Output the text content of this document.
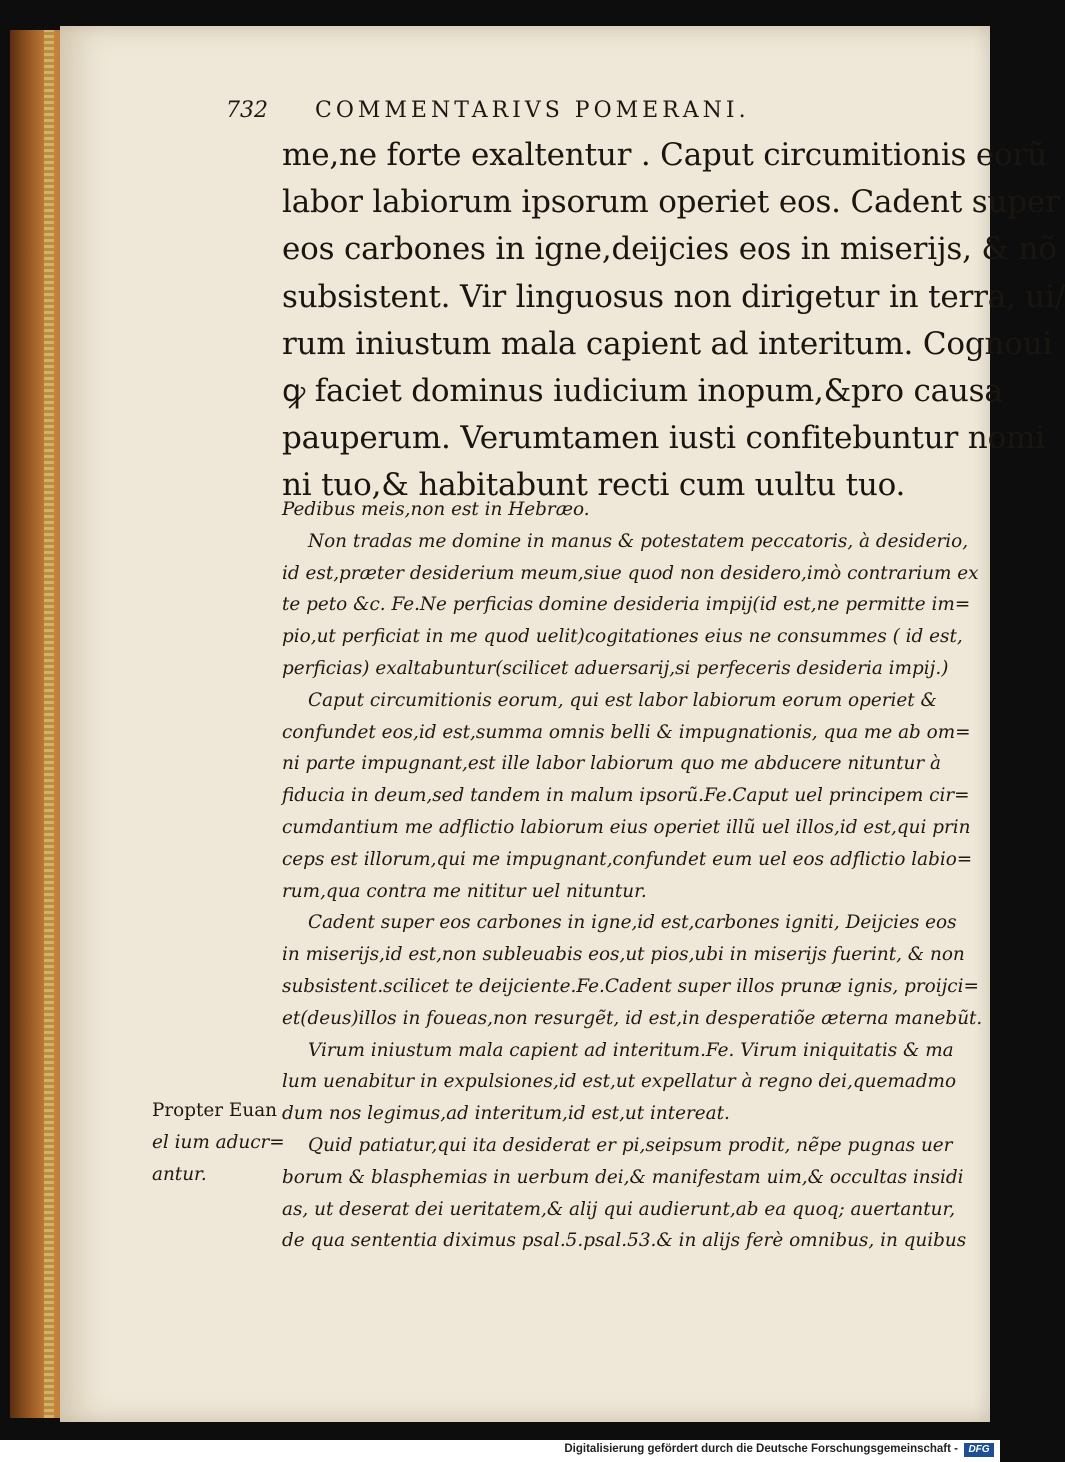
732 COMMENTARIVS POMERANI.
me,ne forte exaltentur . Caput circumitionis eorũ
labor labiorum ipsorum operiet eos. Cadent super
eos carbones in igne,deijcies eos in miserijs, & nõ
subsistent. Vir linguosus non dirigetur in terra, ui/
rum iniustum mala capient ad interitum. Cognoui
ꝙ faciet dominus iudicium inopum,&pro causa
pauperum. Verumtamen iusti confitebuntur nomi
ni tuo,& habitabunt recti cum uultu tuo.
Pedibus meis,non est in Hebræo.
Non tradas me domine in manus & potestatem peccatoris, à desiderio,
id est,præter desiderium meum,siue quod non desidero,imò contrarium ex
te peto &c. Fe.Ne perficias domine desideria impij(id est,ne permitte im=
pio,ut perficiat in me quod uelit)cogitationes eius ne consummes ( id est,
perficias) exaltabuntur(scilicet aduersarij,si perfeceris desideria impij.)
Caput circumitionis eorum, qui est labor labiorum eorum operiet &
confundet eos,id est,summa omnis belli & impugnationis, qua me ab om=
ni parte impugnant,est ille labor labiorum quo me abducere nituntur à
fiducia in deum,sed tandem in malum ipsorũ.Fe.Caput uel principem cir=
cumdantium me adflictio labiorum eius operiet illũ uel illos,id est,qui prin
ceps est illorum,qui me impugnant,confundet eum uel eos adflictio labio=
rum,qua contra me nititur uel nituntur.
Cadent super eos carbones in igne,id est,carbones igniti, Deijcies eos
in miserijs,id est,non subleuabis eos,ut pios,ubi in miserijs fuerint, & non
subsistent.scilicet te deijciente.Fe.Cadent super illos prunæ ignis, proijci=
et(deus)illos in foueas,non resurgẽt, id est,in desperatiõe æterna manebũt.
Virum iniustum mala capient ad interitum.Fe. Virum iniquitatis & ma
lum uenabitur in expulsiones,id est,ut expellatur à regno dei,quemadmo
dum nos legimus,ad interitum,id est,ut intereat.
Quid patiatur,qui ita desiderat er pi,seipsum prodit, nẽpe pugnas uer
borum & blasphemias in uerbum dei,& manifestam uim,& occultas insidi
as, ut deserat dei ueritatem,& alij qui audierunt,ab ea quoq; auertantur,
de qua sententia diximus psal.5.psal.53.& in alijs ferè omnibus, in quibus
Propter Euan
el ium aducr=
antur.
Digitalisierung gefördert durch die Deutsche Forschungsgemeinschaft -	DFG
